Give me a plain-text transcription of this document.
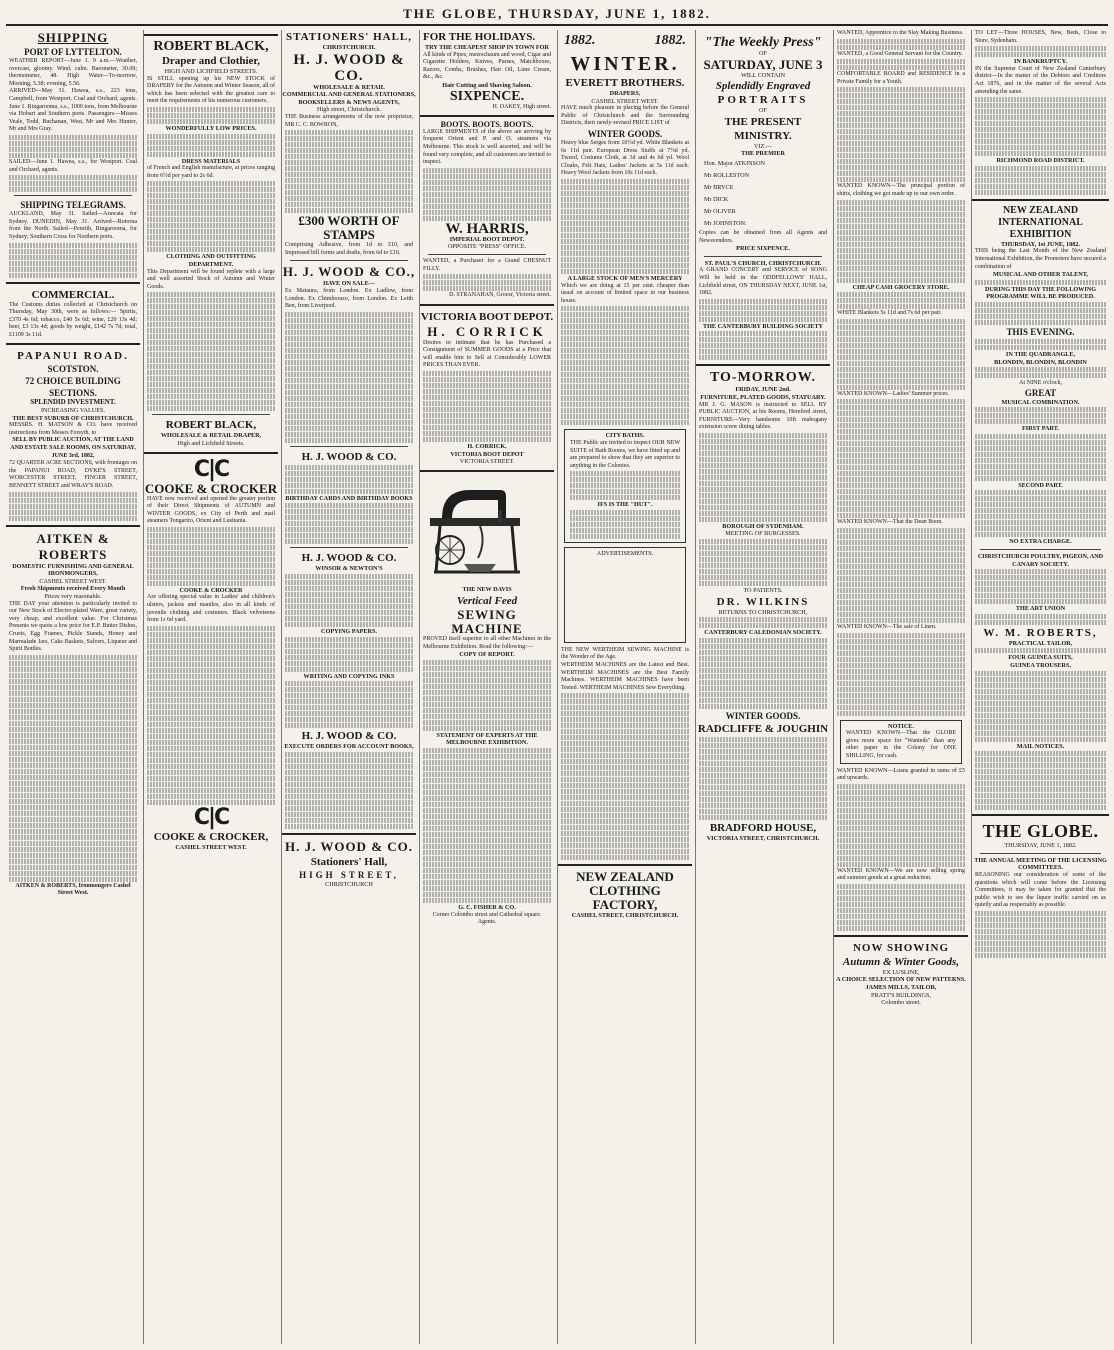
THE GLOBE, THURSDAY, JUNE 1, 1882.
SHIPPING
PORT OF LYTTELTON.
WEATHER REPORT—June 1. 9 a.m.—Weather, overcast, gloomy. Wind, calm. Barometer, 30.09; thermometer, 48. High Water—To-morrow, Morning, 5.38; evening, 5.56.
ARRIVED—May 31. Hawea, s.s., 223 tons, Campbell, from Westport. Coal and Orchard, agents. June 1. Ringarooma, s.s., 1000 tons, from Melbourne via Hobart and Southern ports. Passengers—Misses Veale, Todd, Buchanan, West, Mr and Mrs Hunter, Mr and Mrs Gray.
SAILED—June 1. Hawea, s.s., for Westport. Coal and Orchard, agents.
SHIPPING TELEGRAMS.
AUCKLAND, May 31. Sailed—Arawata for Sydney. DUNEDIN, May 31. Arrived—Rotorua from the North. Sailed—Penrith, Ringarooma, for Sydney; Southern Cross for Northern ports.
COMMERCIAL.
The Customs duties collected at Christchurch on Thursday, May 30th, were as follows:— Spirits, £370 4s 6d; tobacco, £40 5s 6d; wine, £20 13s 4d; beer, £3 13s 4d; goods by weight, £142 7s 7d; total, £1109 3s 11d.
PAPANUI ROAD.
SCOTSTON.
72 CHOICE BUILDING SECTIONS.
SPLENDID INVESTMENT.
INCREASING VALUES.
THE BEST SUBURB OF CHRISTCHURCH.
MESSRS. H. MATSON & CO. have received instructions from Messrs Forsyth, to
SELL BY PUBLIC AUCTION, AT THE LAND AND ESTATE SALE ROOMS, ON SATURDAY, JUNE 3rd, 1882,
72 QUARTER ACRE SECTIONS, with frontages on the PAPANUI ROAD, DYKE'S STREET, WORCESTER STREET, FINGER STREET, BENNETT STREET and WRAY'S ROAD.
AITKEN & ROBERTS
DOMESTIC FURNISHING AND GENERAL IRONMONGERS,
CASHEL STREET WEST.
Fresh Shipments received Every Month
Prices very reasonable.
THE DAY your attention is particularly invited to our New Stock of Electro-plated Ware, great variety, very cheap, and excellent value. For Christmas Presents we quote a low price for E.P. Butter Dishes, Cruets, Egg Frames, Pickle Stands, Honey and Marmalade Jars, Cake Baskets, Salvers, Liqueur and Spirit Bottles.
AITKEN & ROBERTS, Ironmongers Cashel Street West.
ROBERT BLACK,
Draper and Clothier,
HIGH AND LICHFIELD STREETS.
IS STILL opening up his NEW STOCK of DRAPERY for the Autumn and Winter Season, all of which has been selected with the greatest care to meet the requirements of his numerous customers.
WONDERFULLY LOW PRICES.
DRESS MATERIALS
of French and English manufacture, at prices ranging from 6½d per yard to 2s 6d.
CLOTHING AND OUTFITTING DEPARTMENT.
This Department will be found replete with a large and well assorted Stock of Autumn and Winter Goods.
ROBERT BLACK,
WHOLESALE & RETAIL DRAPER,
High and Lichfield Streets.
C|C
COOKE & CROCKER
HAVE now received and opened the greater portion of their Direct Shipments of AUTUMN and WINTER GOODS, ex City of Perth and mail steamers Tongariro, Orient and Lusitania.
COOKE & CROCKER
Are offering special value in Ladies' and children's ulsters, jackets and mantles, also in all kinds of juvenile clothing and costumes. Black velveteens from 1s 6d yard.
C|C
COOKE & CROCKER,
CASHEL STREET WEST.
STATIONERS' HALL,
CHRISTCHURCH.
H. J. WOOD & CO.
WHOLESALE & RETAIL
COMMERCIAL AND GENERAL STATIONERS,
BOOKSELLERS & NEWS AGENTS,
High street, Christchurch.
THE Business arrangements of the now proprietor, MR C. C. BOWRON,
£300 WORTH OF STAMPS
Comprising Adhesive, from 1d to £10, and Impressed bill forms and drafts, from 6d to £10.
H. J. WOOD & CO.,
HAVE ON SALE—
Ex Mataura, from London. Ex Ludlow, from London. Ex Chimborazo, from London. Ex Leith Ben, from Liverpool.
H. J. WOOD & CO.
BIRTHDAY CARDS AND BIRTHDAY BOOKS
H. J. WOOD & CO.
WINSOR & NEWTON'S
COPYING PAPERS.
WRITING AND COPYING INKS
H. J. WOOD & CO.
EXECUTE ORDERS FOR ACCOUNT BOOKS,
H. J. WOOD & CO.
Stationers' Hall,
HIGH STREET,
CHRISTCHURCH
FOR THE HOLIDAYS.
TRY THE CHEAPEST SHOP IN TOWN FOR
All kinds of Pipes, meerschaum and wood, Cigar and Cigarette Holders, Knives, Purses, Matchboxes, Razors, Combs, Brushes, Hair Oil, Lime Cream, &c., &c.
Hair Cutting and Shaving Saloon.
SIXPENCE.
H. OAKEY, High street.
BOOTS. BOOTS. BOOTS.
LARGE SHIPMENTS of the above are arriving by frequent Orient and P. and O. steamers via Melbourne. This stock is well assorted, and will be found very complete, and all customers are invited to inspect.
W. HARRIS,
IMPERIAL BOOT DEPOT.
OPPOSITE "PRESS" OFFICE.
WANTED, a Purchaser for a Grand CHESNUT FILLY.
D. STRANAHAN, Grocer, Victoria street.
VICTORIA BOOT DEPOT.
H. CORRICK
Desires to intimate that he has Purchased a Consignment of SUMMER GOODS at a Price that will enable him to Sell at Considerably LOWER PRICES THAN EVER.
H. CORRICK,
VICTORIA BOOT DEPOT
VICTORIA STREET.
THE NEW DAVIS
Vertical Feed
SEWING MACHINE
PROVED itself superior to all other Machines in the Melbourne Exhibition. Read the following:—
COPY OF REPORT.
STATEMENT OF EXPERTS AT THE MELBOURNE EXHIBITION.
G. C. FISHER & CO.
Corner Colombo street and Cathedral square. Agents.
1882.	1882.
WINTER.
EVERETT BROTHERS.
DRAPERS,
CASHEL STREET WEST.
HAVE much pleasure in placing before the General Public of Christchurch and the Surrounding Districts, their newly-revised PRICE LIST of
WINTER GOODS.
Heavy blue Serges from 10½d yd. White Blankets at 6s 11d pair. European Dress Stuffs at 7½d yd. Tweed, Costume Cloth, at 3d and 4s 6d yd. Wool Cloaks, Felt Hats, Ladies' Jackets at 5s 11d each. Heavy Wool Jackets from 10s 11d each.
A LARGE STOCK OF MEN'S MERCERY
Which we are doing at 15 per cent. cheaper than usual on account of limited space in our business house.
CITY BATHS.
THE Public are invited to inspect OUR NEW SUITE of Bath Rooms, we have fitted up and are prepared to show that they are superior to anything in the Colonies.
IFS IS THE "HUT".
ADVERTISEMENTS.
THE NEW WERTHEIM SEWING MACHINE is the Wonder of the Age.
WERTHEIM MACHINES are the Latest and Best. WERTHEIM MACHINES are the Best Family Machines. WERTHEIM MACHINES have been Tested. WERTHEIM MACHINES Sew Everything.
NEW ZEALAND CLOTHING FACTORY,
CASHEL STREET, CHRISTCHURCH.
"The Weekly Press"
OF
SATURDAY, JUNE 3
WILL CONTAIN
Splendidly Engraved
PORTRAITS
OF
THE PRESENT MINISTRY.
VIZ.—
THE PREMIER
Hon. Major ATKINSON
Mr ROLLESTON
Mr BRYCE
Mr DICK
Mr OLIVER
Mr JOHNSTON.
Copies can be obtained from all Agents and Newsvendors.
PRICE SIXPENCE.
ST. PAUL'S CHURCH, CHRISTCHURCH.
A GRAND CONCERT and SERVICE of SONG Will be held in the ODDFELLOWS' HALL, Lichfield street, ON THURSDAY NEXT, JUNE 1st, 1882.
THE CANTERBURY BUILDING SOCIETY
TO-MORROW.
FRIDAY, JUNE 2nd.
FURNITURE, PLATED GOODS, STATUARY.
MR J. G. MASON is instructed to SELL BY PUBLIC AUCTION, at his Rooms, Hereford street, FURNITURE—Very handsome 10ft mahogany extension screw dining tables.
BOROUGH OF SYDENHAM.
MEETING OF BURGESSES.
TO PATIENTS.
DR. WILKINS
RETURNS TO CHRISTCHURCH,
CANTERBURY CALEDONIAN SOCIETY.
WINTER GOODS.
RADCLIFFE & JOUGHIN
BRADFORD HOUSE,
VICTORIA STREET, CHRISTCHURCH.
WANTED, Apprentice to the Slay Making Business.
WANTED, a Good General Servant for the Country.
COMFORTABLE BOARD and RESIDENCE in a Private Family for a Youth.
WANTED KNOWN—The principal portion of shirts, clothing we got made up to our own order.
CHEAP CASH GROCERY STORE.
WHITE Blankets 5s 11d and 7s 6d per pair.
WANTED KNOWN—Ladies' Summer prices.
WANTED KNOWN—That the Dean Boon.
WANTED KNOWN—The sale of Linen.
NOTICE.
WANTED KNOWN—That the GLOBE gives more space for "Wanteds" than any other paper in the Colony for ONE SHILLING, for cash.
WANTED KNOWN—Loans granted in sums of £5 and upwards.
WANTED KNOWN—We are now selling spring and summer goods at a great reduction.
NOW SHOWING
Autumn & Winter Goods,
EX LUSLINE,
A CHOICE SELECTION OF NEW PATTERNS.
JAMES MILLS, TAILOR,
PRATT'S BUILDINGS,
Colombo street.
TO LET—Three HOUSES, New, Beds, Close to Store, Sydenham.
IN BANKRUPTCY.
IN the Supreme Court of New Zealand Canterbury district—In the matter of the Debtors and Creditors Act 1876, and in the matter of the several Acts amending the same.
RICHMOND ROAD DISTRICT.
NEW ZEALAND INTERNATIONAL EXHIBITION
THURSDAY, 1st JUNE, 1882.
THIS being the Last Month of the New Zealand International Exhibition, the Promoters have secured a combination of
MUSICAL AND OTHER TALENT,
DURING THIS DAY THE FOLLOWING PROGRAMME WILL BE PRODUCED.
THIS EVENING.
IN THE QUADRANGLE,
BLONDIN, BLONDIN, BLONDIN
At NINE o'clock,
GREAT
MUSICAL COMBINATION.
FIRST PART.
SECOND PART.
NO EXTRA CHARGE.
CHRISTCHURCH POULTRY, PIGEON, AND CANARY SOCIETY.
THE ART UNION
W. M. ROBERTS,
PRACTICAL TAILOR,
FOUR GUINEA SUITS,
GUINEA TROUSERS,
MAIL NOTICES.
THE GLOBE.
THURSDAY, JUNE 1, 1882.
THE ANNUAL MEETING OF THE LICENSING COMMITTEES.
REASONING our consideration of some of the questions which will come before the Licensing Committees, it may be taken for granted that the public wish to see the liquor traffic carried on as quietly and as respectably as possible.
